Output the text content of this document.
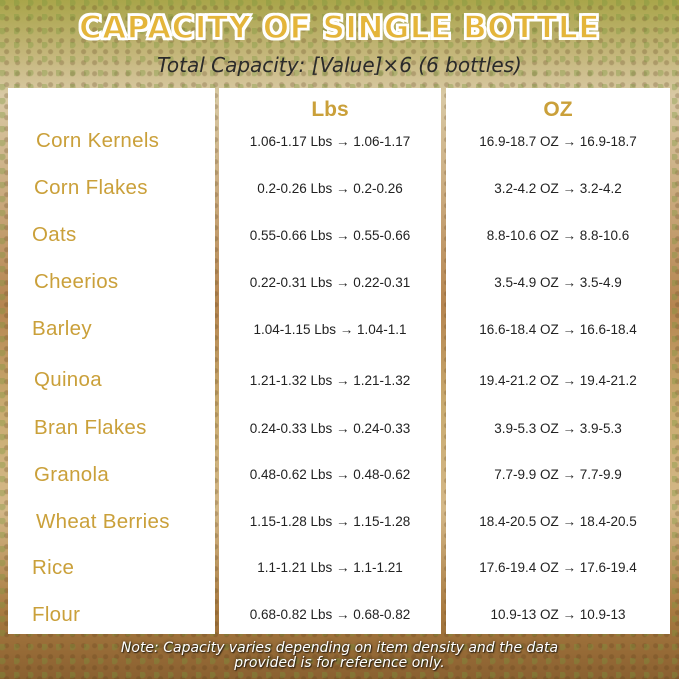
CAPACITY OF SINGLE BOTTLE
Total Capacity: [Value]×6 (6 bottles)
Corn Kernels
Corn Flakes
Oats
Cheerios
Barley
Quinoa
Bran Flakes
Granola
Wheat Berries
Rice
Flour
Lbs
1.06-1.17 Lbs → 1.06-1.17
0.2-0.26 Lbs → 0.2-0.26
0.55-0.66 Lbs → 0.55-0.66
0.22-0.31 Lbs → 0.22-0.31
1.04-1.15 Lbs → 1.04-1.1
1.21-1.32 Lbs → 1.21-1.32
0.24-0.33 Lbs → 0.24-0.33
0.48-0.62 Lbs → 0.48-0.62
1.15-1.28 Lbs → 1.15-1.28
1.1-1.21 Lbs → 1.1-1.21
0.68-0.82 Lbs → 0.68-0.82
OZ
16.9-18.7 OZ → 16.9-18.7
3.2-4.2 OZ → 3.2-4.2
8.8-10.6 OZ → 8.8-10.6
3.5-4.9 OZ → 3.5-4.9
16.6-18.4 OZ → 16.6-18.4
19.4-21.2 OZ → 19.4-21.2
3.9-5.3 OZ → 3.9-5.3
7.7-9.9 OZ → 7.7-9.9
18.4-20.5 OZ → 18.4-20.5
17.6-19.4 OZ → 17.6-19.4
10.9-13 OZ → 10.9-13
Note: Capacity varies depending on item density and the data
provided is for reference only.
